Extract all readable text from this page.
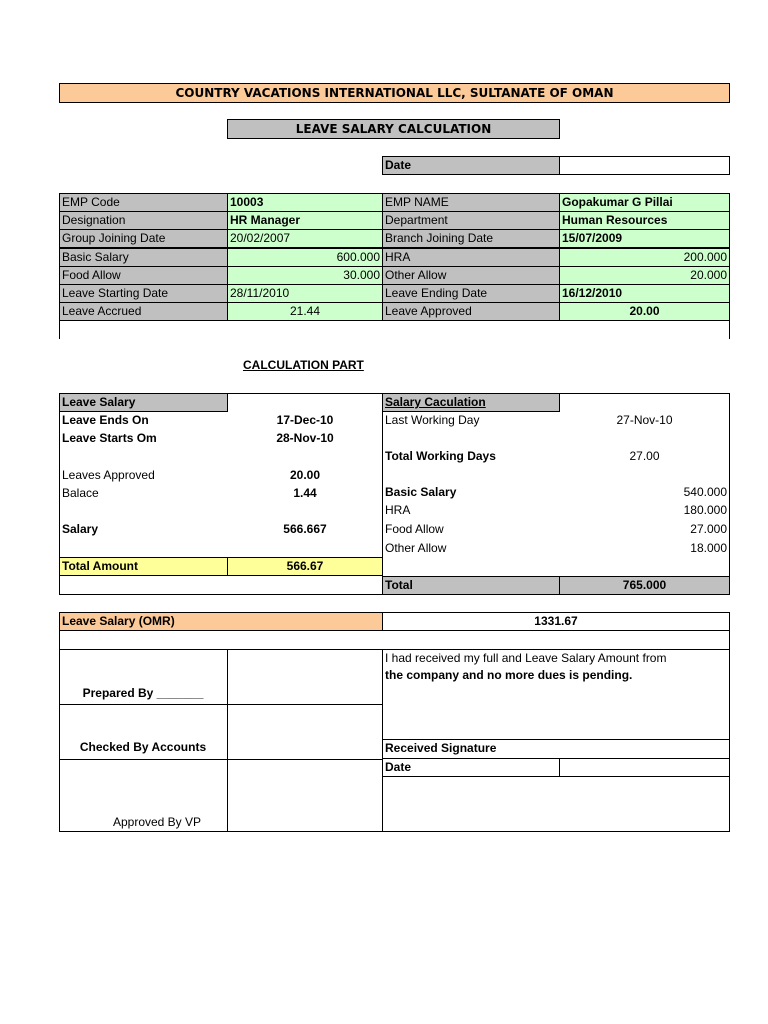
COUNTRY VACATIONS INTERNATIONAL LLC, SULTANATE OF OMAN
LEAVE SALARY CALCULATION
Date
EMP Code	10003	EMP NAME	Gopakumar G Pillai
Designation	HR Manager	Department	Human Resources
Group Joining Date	20/02/2007	Branch Joining Date	15/07/2009
Basic Salary	600.000 HRA	200.000
Food Allow	30.000 Other Allow	20.000
Leave Starting Date	28/11/2010	Leave Ending Date	16/12/2010
Leave Accrued	21.44	Leave Approved	20.00
CALCULATION PART
Leave Salary
Leave Ends On	17-Dec-10
Leave Starts Om	28-Nov-10
Leaves Approved	20.00
Balace	1.44
Salary	566.667
Total Amount	566.67
Salary Caculation
Last Working Day	27-Nov-10
Total Working Days	27.00
Basic Salary	540.000
HRA	180.000
Food Allow	27.000
Other Allow	18.000
Total	765.000
Leave Salary (OMR)	1331.67
Prepared By _______
Checked By Accounts
Approved By VP
I had received my full and Leave Salary Amount from
the company and no more dues is pending.
Received Signature
Date
